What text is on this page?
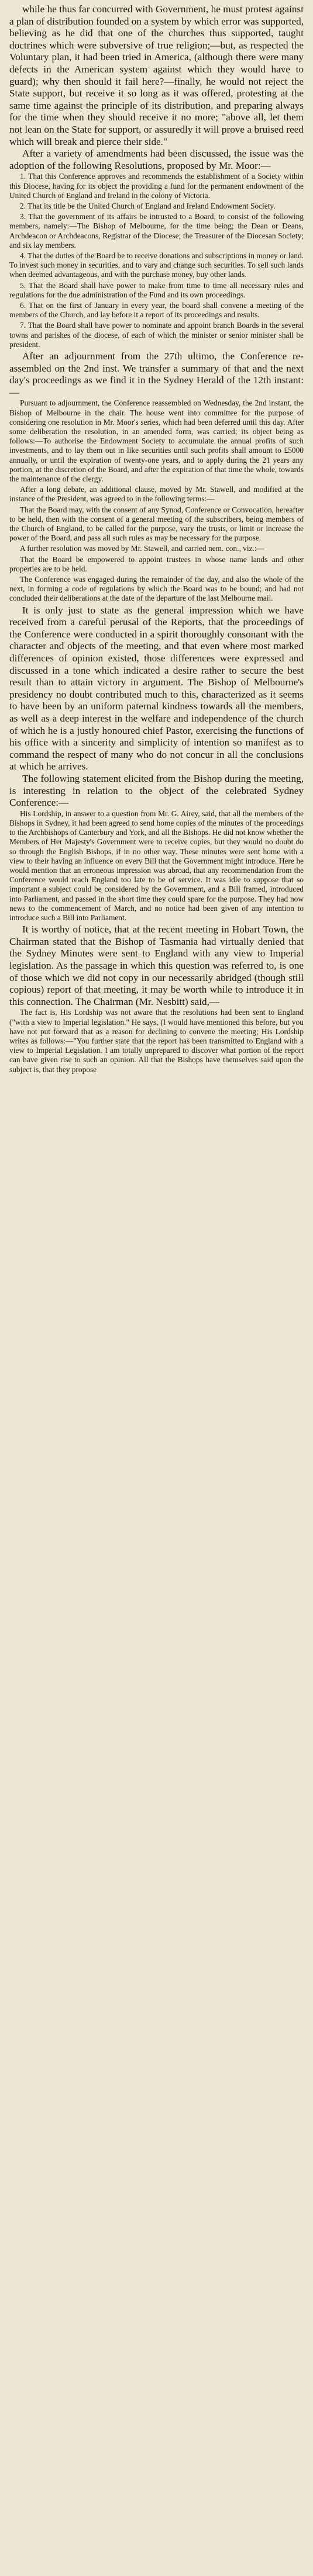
while he thus far concurred with Government, he must protest against a plan of distribution founded on a system by which error was supported, believing as he did that one of the churches thus supported, taught doctrines which were subversive of true religion;—but, as respected the Voluntary plan, it had been tried in America, (although there were many defects in the American system against which they would have to guard); why then should it fail here?—finally, he would not reject the State support, but receive it so long as it was offered, protesting at the same time against the principle of its distribution, and preparing always for the time when they should receive it no more; "above all, let them not lean on the State for support, or assuredly it will prove a bruised reed which will break and pierce their side."

After a variety of amendments had been discussed, the issue was the adoption of the following Resolutions, proposed by Mr. Moor:—

1. That this Conference approves and recommends the establishment of a Society within this Diocese, having for its object the providing a fund for the permanent endowment of the United Church of England and Ireland in the colony of Victoria.

2. That its title be the United Church of England and Ireland Endowment Society.

3. That the government of its affairs be intrusted to a Board, to consist of the following members, namely:—The Bishop of Melbourne, for the time being; the Dean or Deans, Archdeacon or Archdeacons, Registrar of the Diocese; the Treasurer of the Diocesan Society; and six lay members.

4. That the duties of the Board be to receive donations and subscriptions in money or land. To invest such money in securities, and to vary and change such securities. To sell such lands when deemed advantageous, and with the purchase money, buy other lands.

5. That the Board shall have power to make from time to time all necessary rules and regulations for the due administration of the Fund and its own proceedings.

6. That on the first of January in every year, the board shall convene a meeting of the members of the Church, and lay before it a report of its proceedings and results.

7. That the Board shall have power to nominate and appoint branch Boards in the several towns and parishes of the diocese, of each of which the minister or senior minister shall be president.

After an adjournment from the 27th ultimo, the Conference re-assembled on the 2nd inst. We transfer a summary of that and the next day's proceedings as we find it in the Sydney Herald of the 12th instant:—

Pursuant to adjournment, the Conference reassembled on Wednesday, the 2nd instant, the Bishop of Melbourne in the chair. The house went into committee for the purpose of considering one resolution in Mr. Moor's series, which had been deferred until this day. After some deliberation the resolution, in an amended form, was carried; its object being as follows:—To authorise the Endowment Society to accumulate the annual profits of such investments, and to lay them out in like securities until such profits shall amount to £5000 annually, or until the expiration of twenty-one years, and to apply during the 21 years any portion, at the discretion of the Board, and after the expiration of that time the whole, towards the maintenance of the clergy.

After a long debate, an additional clause, moved by Mr. Stawell, and modified at the instance of the President, was agreed to in the following terms:—

That the Board may, with the consent of any Synod, Conference or Convocation, hereafter to be held, then with the consent of a general meeting of the subscribers, being members of the Church of England, to be called for the purpose, vary the trusts, or limit or increase the power of the Board, and pass all such rules as may be necessary for the purpose.

A further resolution was moved by Mr. Stawell, and carried nem. con., viz.:—

That the Board be empowered to appoint trustees in whose name lands and other properties are to be held.

The Conference was engaged during the remainder of the day, and also the whole of the next, in forming a code of regulations by which the Board was to be bound; and had not concluded their deliberations at the date of the departure of the last Melbourne mail.

It is only just to state as the general impression which we have received from a careful perusal of the Reports, that the proceedings of the Conference were conducted in a spirit thoroughly consonant with the character and objects of the meeting, and that even where most marked differences of opinion existed, those differences were expressed and discussed in a tone which indicated a desire rather to secure the best result than to attain victory in argument. The Bishop of Melbourne's presidency no doubt contributed much to this, characterized as it seems to have been by an uniform paternal kindness towards all the members, as well as a deep interest in the welfare and independence of the church of which he is a justly honoured chief Pastor, exercising the functions of his office with a sincerity and simplicity of intention so manifest as to command the respect of many who do not concur in all the conclusions at which he arrives.

The following statement elicited from the Bishop during the meeting, is interesting in relation to the object of the celebrated Sydney Conference:—

His Lordship, in answer to a question from Mr. G. Airey, said, that all the members of the Bishops in Sydney, it had been agreed to send home copies of the minutes of the proceedings to the Archbishops of Canterbury and York, and all the Bishops. He did not know whether the Members of Her Majesty's Government were to receive copies, but they would no doubt do so through the English Bishops, if in no other way. These minutes were sent home with a view to their having an influence on every Bill that the Government might introduce. Here he would mention that an erroneous impression was abroad, that any recommendation from the Conference would reach England too late to be of service. It was idle to suppose that so important a subject could be considered by the Government, and a Bill framed, introduced into Parliament, and passed in the short time they could spare for the purpose. They had now news to the commencement of March, and no notice had been given of any intention to introduce such a Bill into Parliament.

It is worthy of notice, that at the recent meeting in Hobart Town, the Chairman stated that the Bishop of Tasmania had virtually denied that the Sydney Minutes were sent to England with any view to Imperial legislation. As the passage in which this question was referred to, is one of those which we did not copy in our necessarily abridged (though still copious) report of that meeting, it may be worth while to introduce it in this connection. The Chairman (Mr. Nesbitt) said,—

The fact is, His Lordship was not aware that the resolutions had been sent to England ("with a view to Imperial legislation." He says, (I would have mentioned this before, but you have not put forward that as a reason for declining to convene the meeting; His Lordship writes as follows:—"You further state that the report has been transmitted to England with a view to Imperial Legislation. I am totally unprepared to discover what portion of the report can have given rise to such an opinion. All that the Bishops have themselves said upon the subject is, that they propose
